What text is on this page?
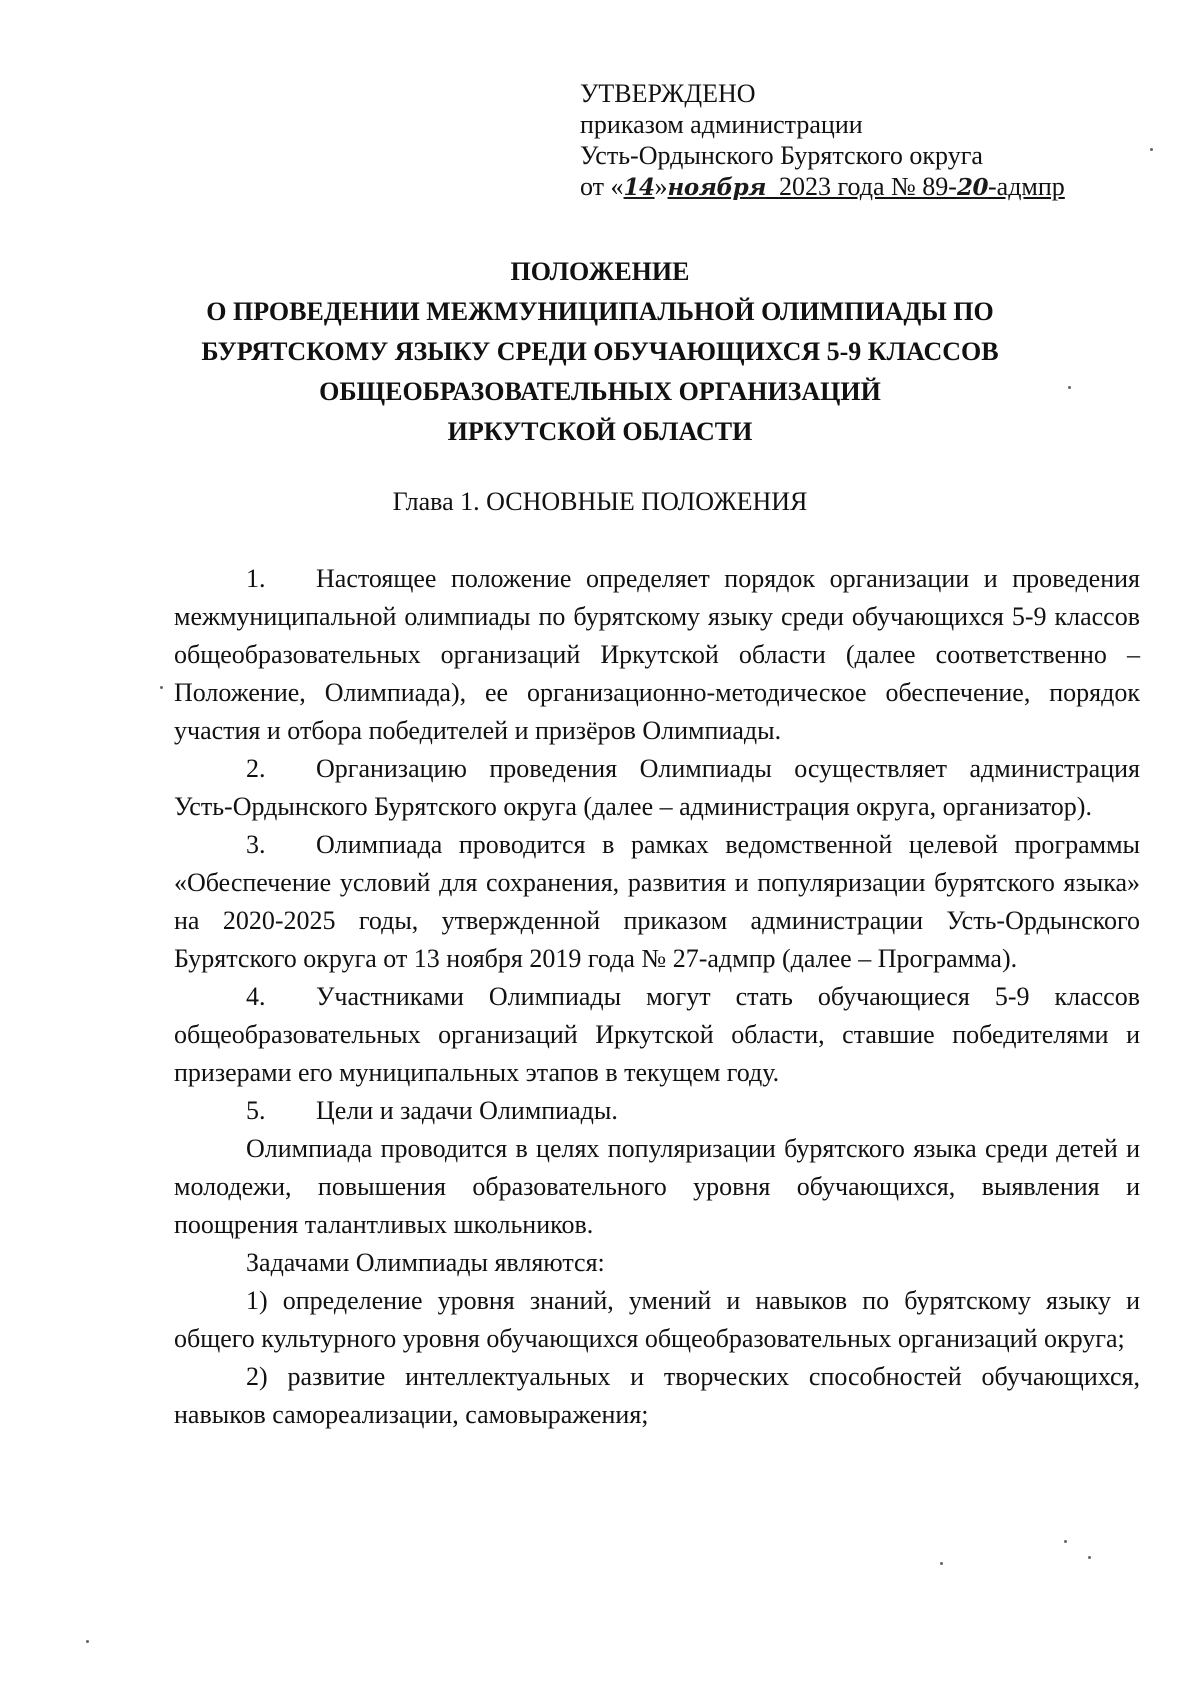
УТВЕРЖДЕНО
приказом администрации
Усть-Ордынского Бурятского округа
от «14»ноября 2023 года № 89-20-адмпр
ПОЛОЖЕНИЕ
О ПРОВЕДЕНИИ МЕЖМУНИЦИПАЛЬНОЙ ОЛИМПИАДЫ ПО
БУРЯТСКОМУ ЯЗЫКУ СРЕДИ ОБУЧАЮЩИХСЯ 5-9 КЛАССОВ
ОБЩЕОБРАЗОВАТЕЛЬНЫХ ОРГАНИЗАЦИЙ
ИРКУТСКОЙ ОБЛАСТИ
Глава 1. ОСНОВНЫЕ ПОЛОЖЕНИЯ

1. Настоящее положение определяет порядок организации и проведения межмуниципальной олимпиады по бурятскому языку среди обучающихся 5-9 классов общеобразовательных организаций Иркутской области (далее соответственно – Положение, Олимпиада), ее организационно-методическое обеспечение, порядок участия и отбора победителей и призёров Олимпиады.

2. Организацию проведения Олимпиады осуществляет администрация Усть-Ордынского Бурятского округа (далее – администрация округа, организатор).

3. Олимпиада проводится в рамках ведомственной целевой программы «Обеспечение условий для сохранения, развития и популяризации бурятского языка» на 2020-2025 годы, утвержденной приказом администрации Усть-Ордынского Бурятского округа от 13 ноября 2019 года № 27-адмпр (далее – Программа).

4. Участниками Олимпиады могут стать обучающиеся 5-9 классов общеобразовательных организаций Иркутской области, ставшие победителями и призерами его муниципальных этапов в текущем году.

5. Цели и задачи Олимпиады.

Олимпиада проводится в целях популяризации бурятского языка среди детей и молодежи, повышения образовательного уровня обучающихся, выявления и поощрения талантливых школьников.

Задачами Олимпиады являются:

1) определение уровня знаний, умений и навыков по бурятскому языку и общего культурного уровня обучающихся общеобразовательных организаций округа;

2) развитие интеллектуальных и творческих способностей обучающихся, навыков самореализации, самовыражения;
